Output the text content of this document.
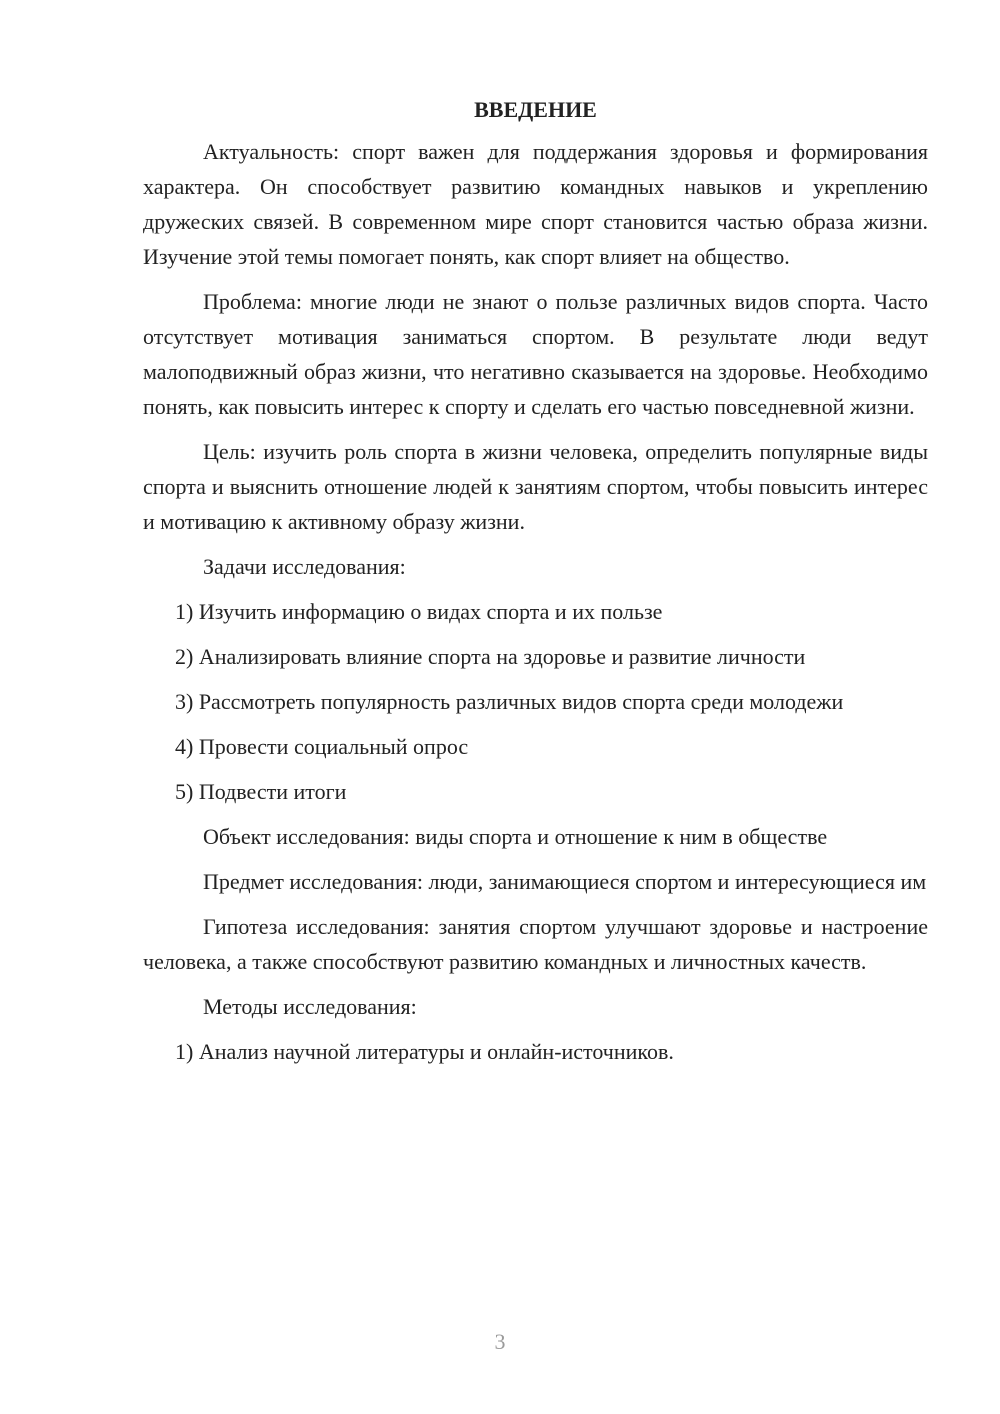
ВВЕДЕНИЕ

Актуальность: спорт важен для поддержания здоровья и формирования характера. Он способствует развитию командных навыков и укреплению дружеских связей. В современном мире спорт становится частью образа жизни. Изучение этой темы помогает понять, как спорт влияет на общество.

Проблема: многие люди не знают о пользе различных видов спорта. Часто отсутствует мотивация заниматься спортом. В результате люди ведут малоподвижный образ жизни, что негативно сказывается на здоровье. Необходимо понять, как повысить интерес к спорту и сделать его частью повседневной жизни.

Цель: изучить роль спорта в жизни человека, определить популярные виды спорта и выяснить отношение людей к занятиям спортом, чтобы повысить интерес и мотивацию к активному образу жизни.

Задачи исследования:

1) Изучить информацию о видах спорта и их пользе

2) Анализировать влияние спорта на здоровье и развитие личности

3) Рассмотреть популярность различных видов спорта среди молодежи

4) Провести социальный опрос

5) Подвести итоги

Объект исследования: виды спорта и отношение к ним в обществе

Предмет исследования: люди, занимающиеся спортом и интересующиеся им

Гипотеза исследования: занятия спортом улучшают здоровье и настроение человека, а также способствуют развитию командных и личностных качеств.

Методы исследования:

1) Анализ научной литературы и онлайн-источников.

3
